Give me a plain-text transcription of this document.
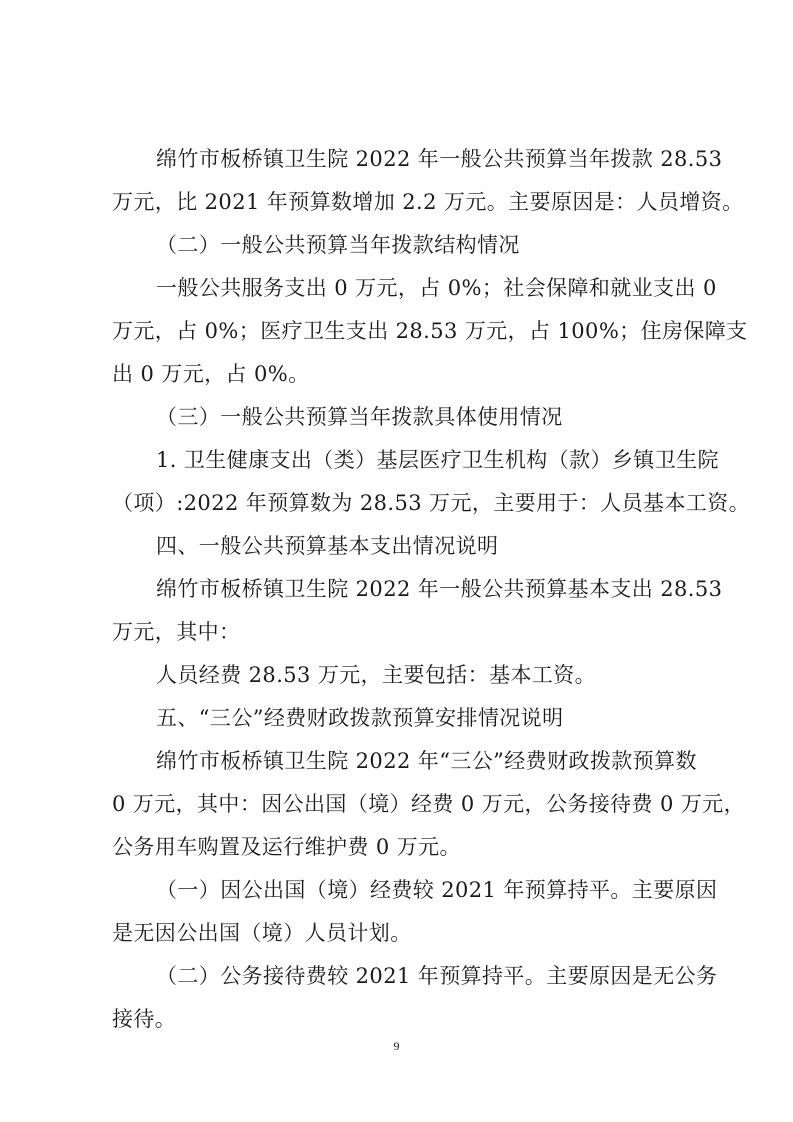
绵竹市板桥镇卫生院 2022 年一般公共预算当年拨款 28.53
万元，比 2021 年预算数增加 2.2 万元。主要原因是：人员增资。
（二）一般公共预算当年拨款结构情况
一般公共服务支出 0 万元，占 0%；社会保障和就业支出 0
万元，占 0%；医疗卫生支出 28.53 万元，占 100%；住房保障支
出 0 万元，占 0%。
（三）一般公共预算当年拨款具体使用情况
1. 卫生健康支出（类）基层医疗卫生机构（款）乡镇卫生院
（项）:2022 年预算数为 28.53 万元，主要用于：人员基本工资。
四、一般公共预算基本支出情况说明
绵竹市板桥镇卫生院 2022 年一般公共预算基本支出 28.53
万元，其中：
人员经费 28.53 万元，主要包括：基本工资。
五、“三公”经费财政拨款预算安排情况说明
绵竹市板桥镇卫生院 2022 年“三公”经费财政拨款预算数
0 万元，其中：因公出国（境）经费 0 万元，公务接待费 0 万元，
公务用车购置及运行维护费 0 万元。
（一）因公出国（境）经费较 2021 年预算持平。主要原因
是无因公出国（境）人员计划。
（二）公务接待费较 2021 年预算持平。主要原因是无公务
接待。
9
